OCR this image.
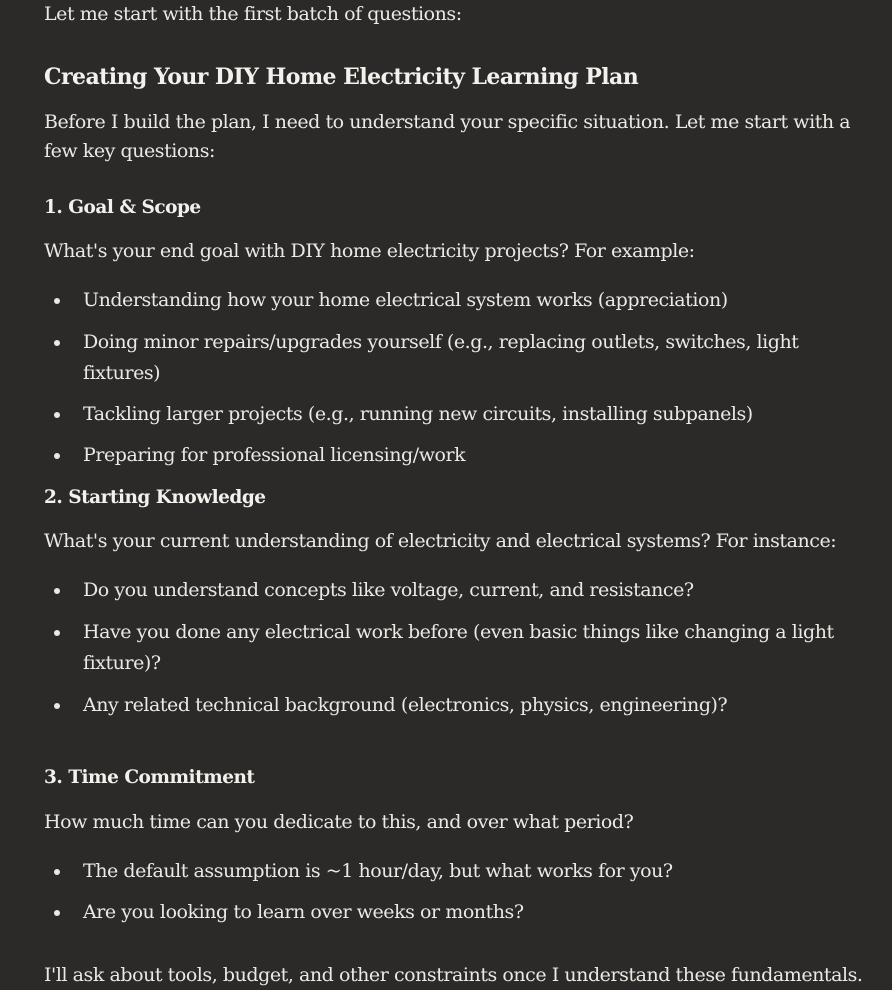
Let me start with the first batch of questions:

Creating Your DIY Home Electricity Learning Plan

Before I build the plan, I need to understand your specific situation. Let me start with a few key questions:

1. Goal & Scope

What's your end goal with DIY home electricity projects? For example:

Understanding how your home electrical system works (appreciation)
Doing minor repairs/upgrades yourself (e.g., replacing outlets, switches, light fixtures)
Tackling larger projects (e.g., running new circuits, installing subpanels)
Preparing for professional licensing/work
2. Starting Knowledge

What's your current understanding of electricity and electrical systems? For instance:

Do you understand concepts like voltage, current, and resistance?
Have you done any electrical work before (even basic things like changing a light fixture)?
Any related technical background (electronics, physics, engineering)?
3. Time Commitment

How much time can you dedicate to this, and over what period?

The default assumption is ~1 hour/day, but what works for you?
Are you looking to learn over weeks or months?

I'll ask about tools, budget, and other constraints once I understand these fundamentals.
